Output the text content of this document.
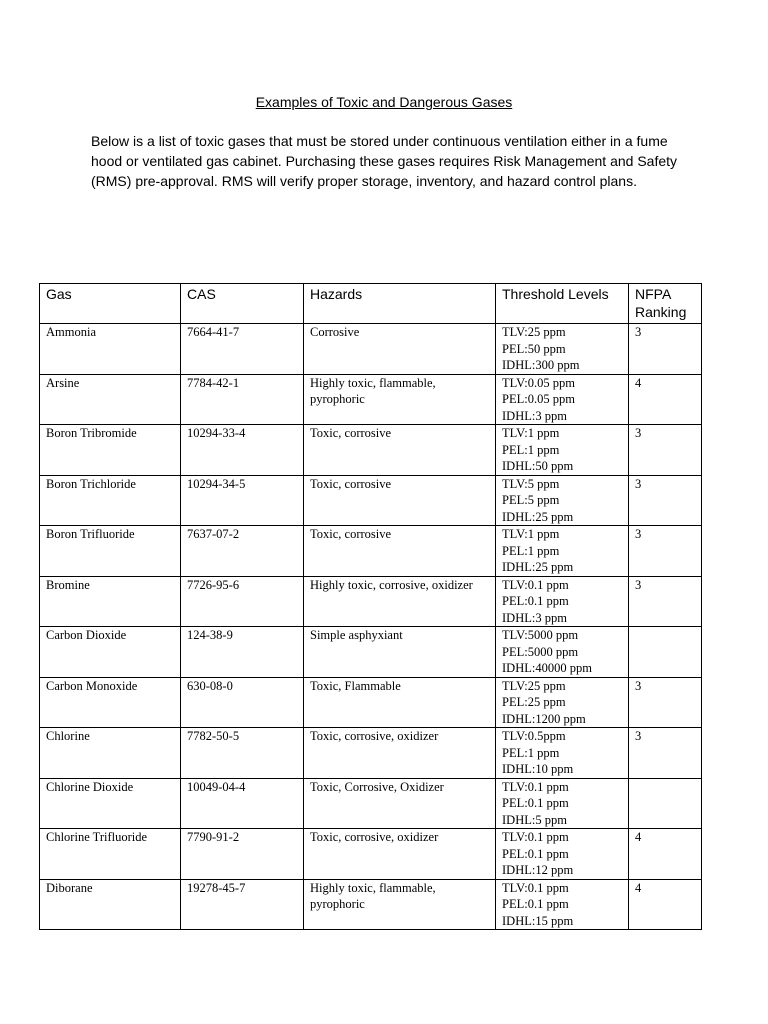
Examples of Toxic and Dangerous Gases

Below is a list of toxic gases that must be stored under continuous ventilation either in a fume hood or ventilated gas cabinet. Purchasing these gases requires Risk Management and Safety (RMS) pre-approval. RMS will verify proper storage, inventory, and hazard control plans.

Gas	CAS	Hazards	Threshold Levels	NFPA Ranking
Ammonia	7664-41-7	Corrosive	TLV:25 ppm
PEL:50 ppm
IDHL:300 ppm	3
Arsine	7784-42-1	Highly toxic, flammable, pyrophoric	TLV:0.05 ppm
PEL:0.05 ppm
IDHL:3 ppm	4
Boron Tribromide	10294-33-4	Toxic, corrosive	TLV:1 ppm
PEL:1 ppm
IDHL:50 ppm	3
Boron Trichloride	10294-34-5	Toxic, corrosive	TLV:5 ppm
PEL:5 ppm
IDHL:25 ppm	3
Boron Trifluoride	7637-07-2	Toxic, corrosive	TLV:1 ppm
PEL:1 ppm
IDHL:25 ppm	3
Bromine	7726-95-6	Highly toxic, corrosive, oxidizer	TLV:0.1 ppm
PEL:0.1 ppm
IDHL:3 ppm	3
Carbon Dioxide	124-38-9	Simple asphyxiant	TLV:5000 ppm
PEL:5000 ppm
IDHL:40000 ppm	

Carbon Monoxide	630-08-0	Toxic, Flammable	TLV:25 ppm
PEL:25 ppm
IDHL:1200 ppm	3
Chlorine	7782-50-5	Toxic, corrosive, oxidizer	TLV:0.5ppm
PEL:1 ppm
IDHL:10 ppm	3
Chlorine Dioxide	10049-04-4	Toxic, Corrosive, Oxidizer	TLV:0.1 ppm
PEL:0.1 ppm
IDHL:5 ppm	

Chlorine Trifluoride	7790-91-2	Toxic, corrosive, oxidizer	TLV:0.1 ppm
PEL:0.1 ppm
IDHL:12 ppm	4
Diborane	19278-45-7	Highly toxic, flammable, pyrophoric	TLV:0.1 ppm
PEL:0.1 ppm
IDHL:15 ppm	4
